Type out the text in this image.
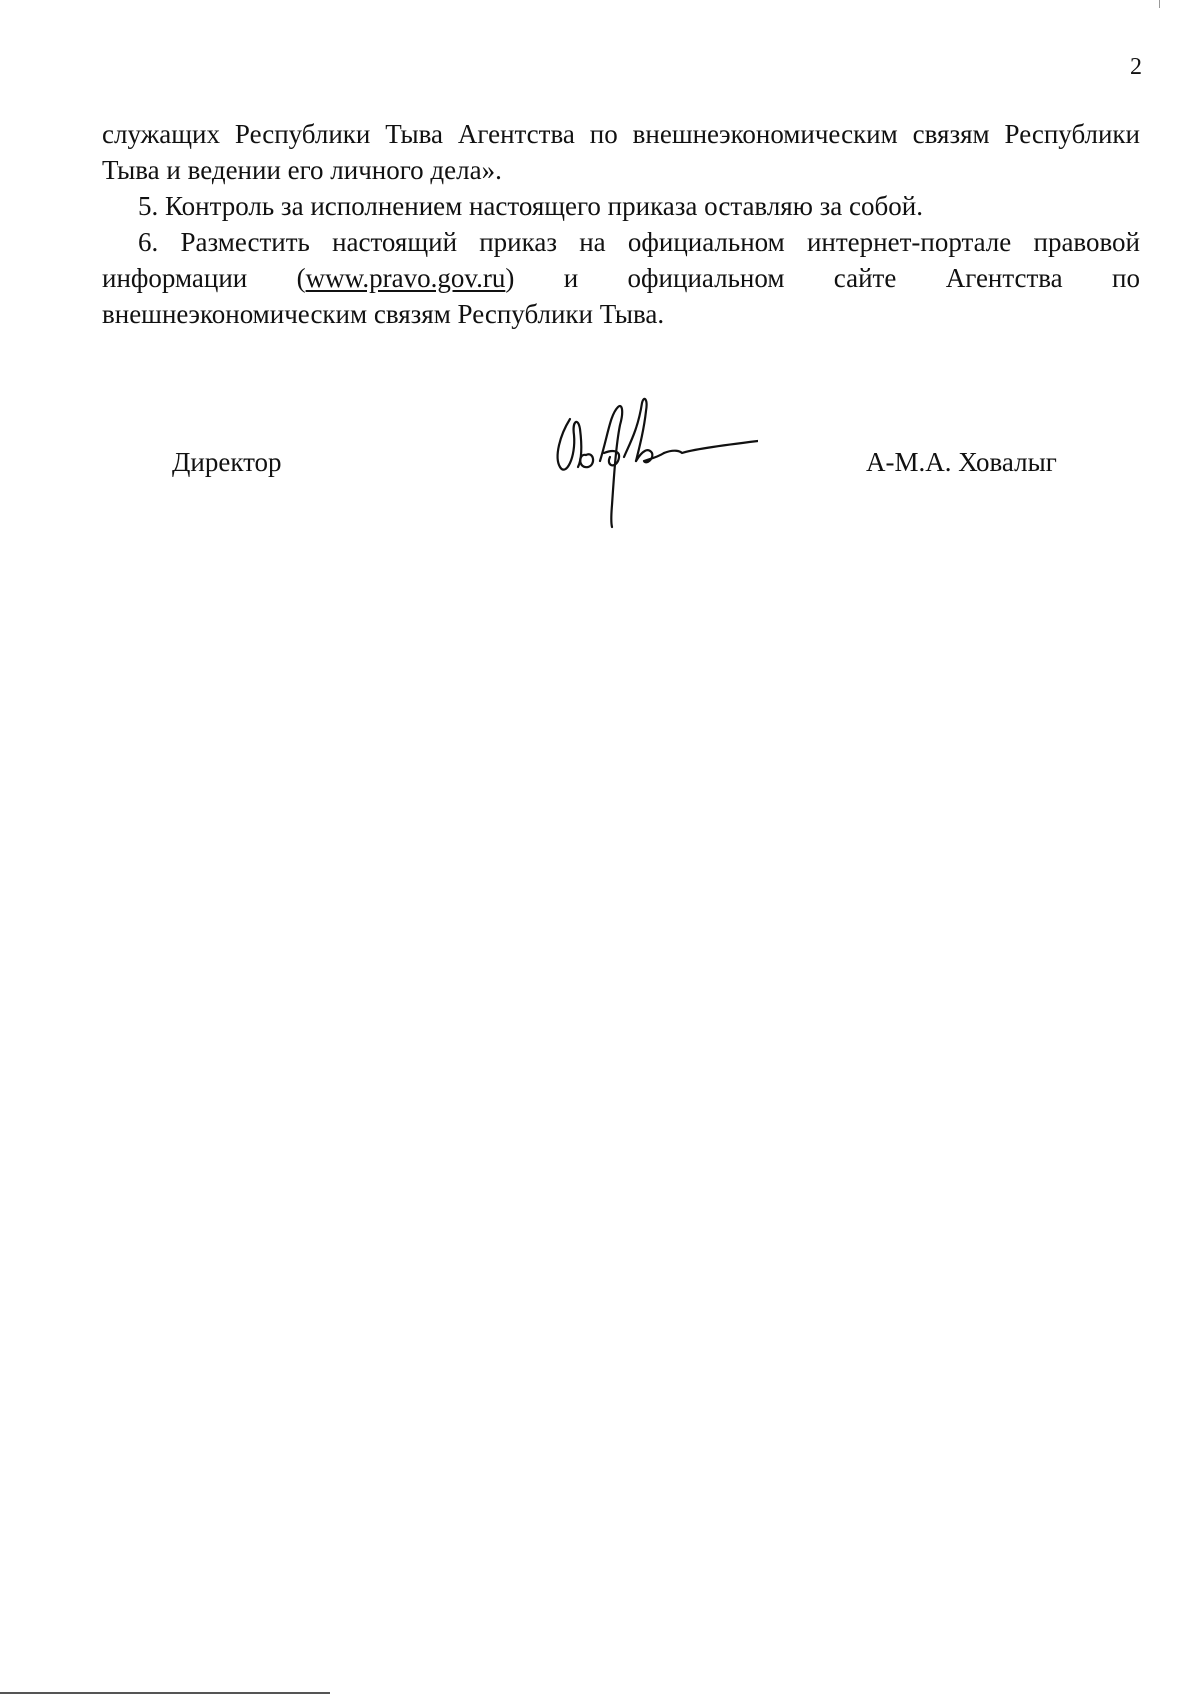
2

служащих Республики Тыва Агентства по внешнеэкономическим связям Республики Тыва и ведении его личного дела».

5. Контроль за исполнением настоящего приказа оставляю за собой.

6. Разместить настоящий приказ на официальном интернет-портале правовой информации (www.pravo.gov.ru) и официальном сайте Агентства по внешнеэкономическим связям Республики Тыва.

Директор	А-М.А. Ховалыг
